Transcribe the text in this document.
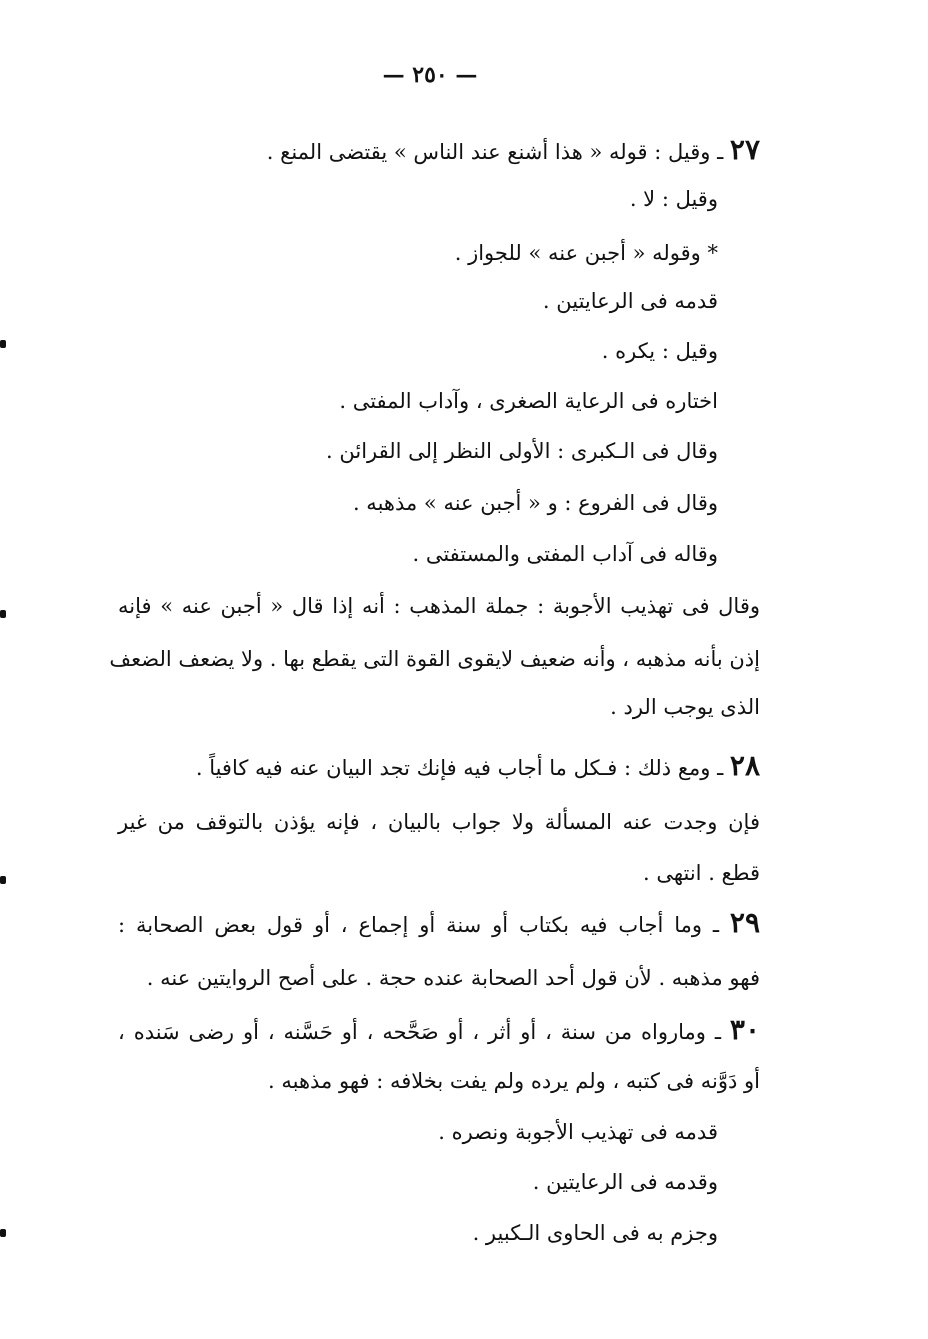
— ٢٥٠ —
٢٧ ـ وقيل : قوله « هذا أشنع عند الناس » يقتضى المنع .
وقيل : لا .
* وقوله « أجبن عنه » للجواز .
قدمه فى الرعايتين .
وقيل : يكره .
اختاره فى الرعاية الصغرى ، وآداب المفتى .
وقال فى الـكبرى : الأولى النظر إلى القرائن .
وقال فى الفروع : و « أجبن عنه » مذهبه .
وقاله فى آداب المفتى والمستفتى .
وقال فى تهذيب الأجوبة : جملة المذهب : أنه إذا قال « أجبن عنه » فإنه
إذن بأنه مذهبه ، وأنه ضعيف لايقوى القوة التى يقطع بها . ولا يضعف الضعف
الذى يوجب الرد .
٢٨ ـ ومع ذلك : فـكل ما أجاب فيه فإنك تجد البيان عنه فيه كافياً .
فإن وجدت عنه المسألة ولا جواب بالبيان ، فإنه يؤذن بالتوقف من غير
قطع . انتهى .
٢٩ ـ وما أجاب فيه بكتاب أو سنة أو إجماع ، أو قول بعض الصحابة :
فهو مذهبه . لأن قول أحد الصحابة عنده حجة . على أصح الروايتين عنه .
٣٠ ـ ومارواه من سنة ، أو أثر ، أو صَحَّحه ، أو حَسَّنه ، أو رضى سَنده ،
أو دَوَّنه فى كتبه ، ولم يرده ولم يفت بخلافه : فهو مذهبه .
قدمه فى تهذيب الأجوبة ونصره .
وقدمه فى الرعايتين .
وجزم به فى الحاوى الـكبير .
